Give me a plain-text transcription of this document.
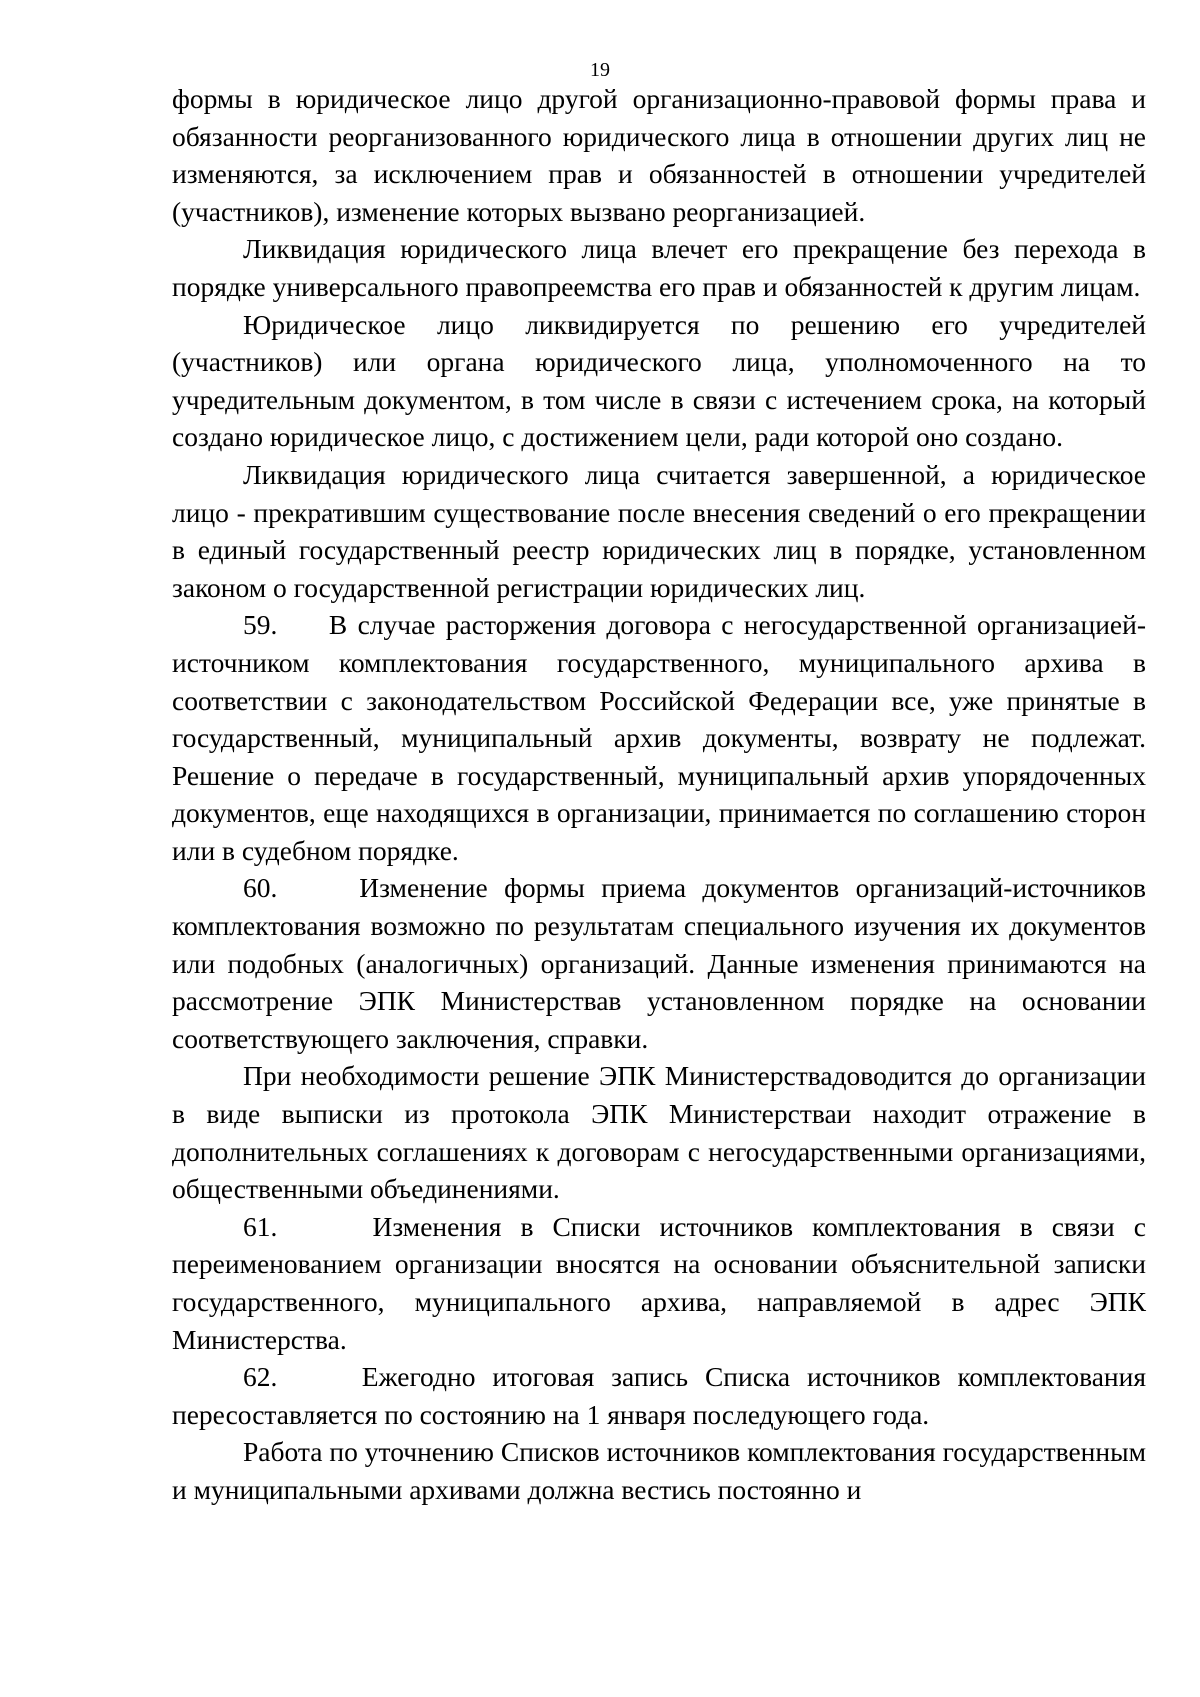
19

формы в юридическое лицо другой организационно-правовой формы права и обязанности реорганизованного юридического лица в отношении других лиц не изменяются, за исключением прав и обязанностей в отношении учредителей (участников), изменение которых вызвано реорганизацией.

Ликвидация юридического лица влечет его прекращение без перехода в порядке универсального правопреемства его прав и обязанностей к другим лицам.

Юридическое лицо ликвидируется по решению его учредителей (участников) или органа юридического лица, уполномоченного на то учредительным документом, в том числе в связи с истечением срока, на который создано юридическое лицо, с достижением цели, ради которой оно создано.

Ликвидация юридического лица считается завершенной, а юридическое лицо - прекратившим существование после внесения сведений о его прекращении в единый государственный реестр юридических лиц в порядке, установленном законом о государственной регистрации юридических лиц.

59.     В случае расторжения договора с негосударственной организацией-источником комплектования государственного, муниципального архива в соответствии с законодательством Российской Федерации все, уже принятые в государственный, муниципальный архив документы, возврату не подлежат. Решение о передаче в государственный, муниципальный архив упорядоченных документов, еще находящихся в организации, принимается по соглашению сторон или в судебном порядке.

60.     Изменение формы приема документов организаций-источников комплектования возможно по результатам специального изучения их документов или подобных (аналогичных) организаций. Данные изменения принимаются на рассмотрение ЭПК Министерствав установленном порядке на основании соответствующего заключения, справки.

При необходимости решение ЭПК Министерствадоводится до организации в виде выписки из протокола ЭПК Министерстваи находит отражение в дополнительных соглашениях к договорам с негосударственными организациями, общественными объединениями.

61.     Изменения в Списки источников комплектования в связи с переименованием организации вносятся на основании объяснительной записки государственного, муниципального архива, направляемой в адрес ЭПК Министерства.

62.     Ежегодно итоговая запись Списка источников комплектования пересоставляется по состоянию на 1 января последующего года.

Работа по уточнению Списков источников комплектования государственным и муниципальными архивами должна вестись постоянно и
